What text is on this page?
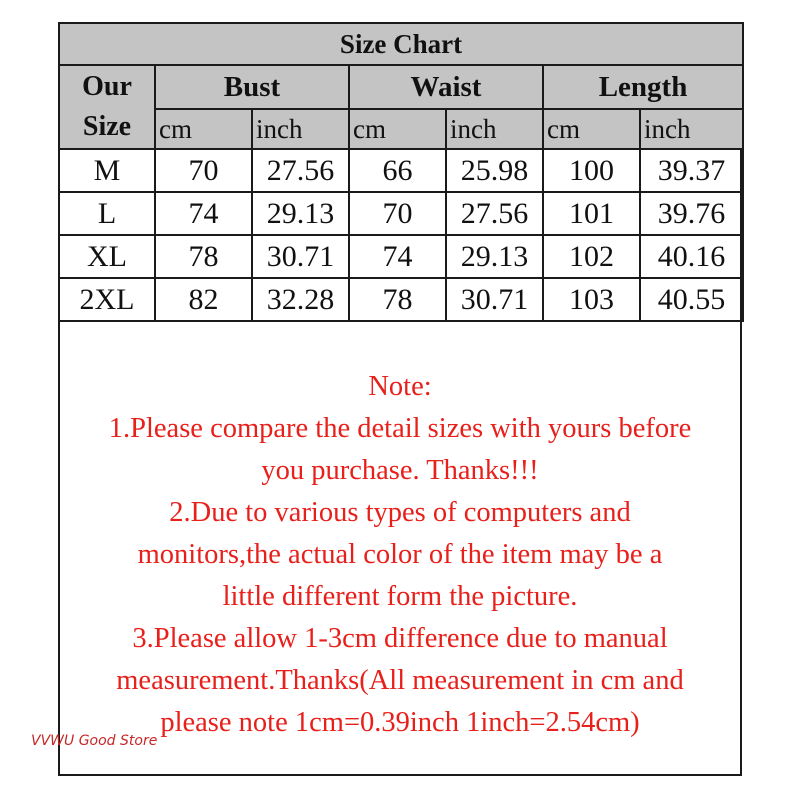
Size Chart						
Our
Size	Bust		Waist		Length	
	cm	inch	cm	inch	cm	inch
M	70	27.56	66	25.98	100	39.37
L	74	29.13	70	27.56	101	39.76
XL	78	30.71	74	29.13	102	40.16
2XL	82	32.28	78	30.71	103	40.55
Note:
1.Please compare the detail sizes with yours before
you purchase. Thanks!!!
2.Due to various types of computers and
monitors,the actual color of the item may be a
little different form the picture.
3.Please allow 1-3cm difference due to manual
measurement.Thanks(All measurement in cm and
please note 1cm=0.39inch 1inch=2.54cm)
VVWU Good Store
